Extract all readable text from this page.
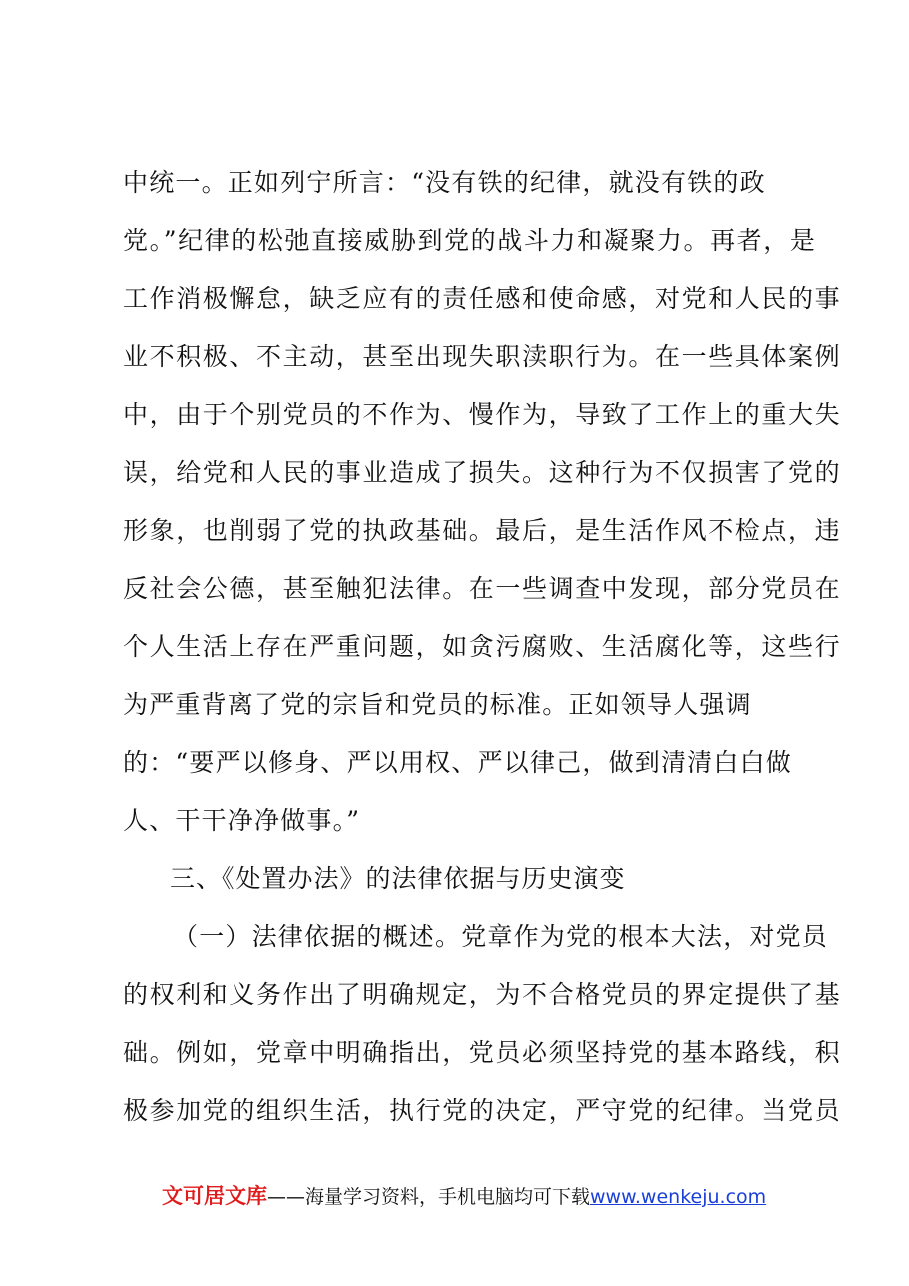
中统一。正如列宁所言：“没有铁的纪律，就没有铁的政
党。”纪律的松弛直接威胁到党的战斗力和凝聚力。再者，是
工作消极懈怠，缺乏应有的责任感和使命感，对党和人民的事
业不积极、不主动，甚至出现失职渎职行为。在一些具体案例
中，由于个别党员的不作为、慢作为，导致了工作上的重大失
误，给党和人民的事业造成了损失。这种行为不仅损害了党的
形象，也削弱了党的执政基础。最后，是生活作风不检点，违
反社会公德，甚至触犯法律。在一些调查中发现，部分党员在
个人生活上存在严重问题，如贪污腐败、生活腐化等，这些行
为严重背离了党的宗旨和党员的标准。正如领导人强调
的：“要严以修身、严以用权、严以律己，做到清清白白做
人、干干净净做事。”
三、《处置办法》的法律依据与历史演变
（一）法律依据的概述。党章作为党的根本大法，对党员
的权利和义务作出了明确规定，为不合格党员的界定提供了基
础。例如，党章中明确指出，党员必须坚持党的基本路线，积
极参加党的组织生活，执行党的决定，严守党的纪律。当党员
文可居文库——海量学习资料，手机电脑均可下载www.wenkeju.com
